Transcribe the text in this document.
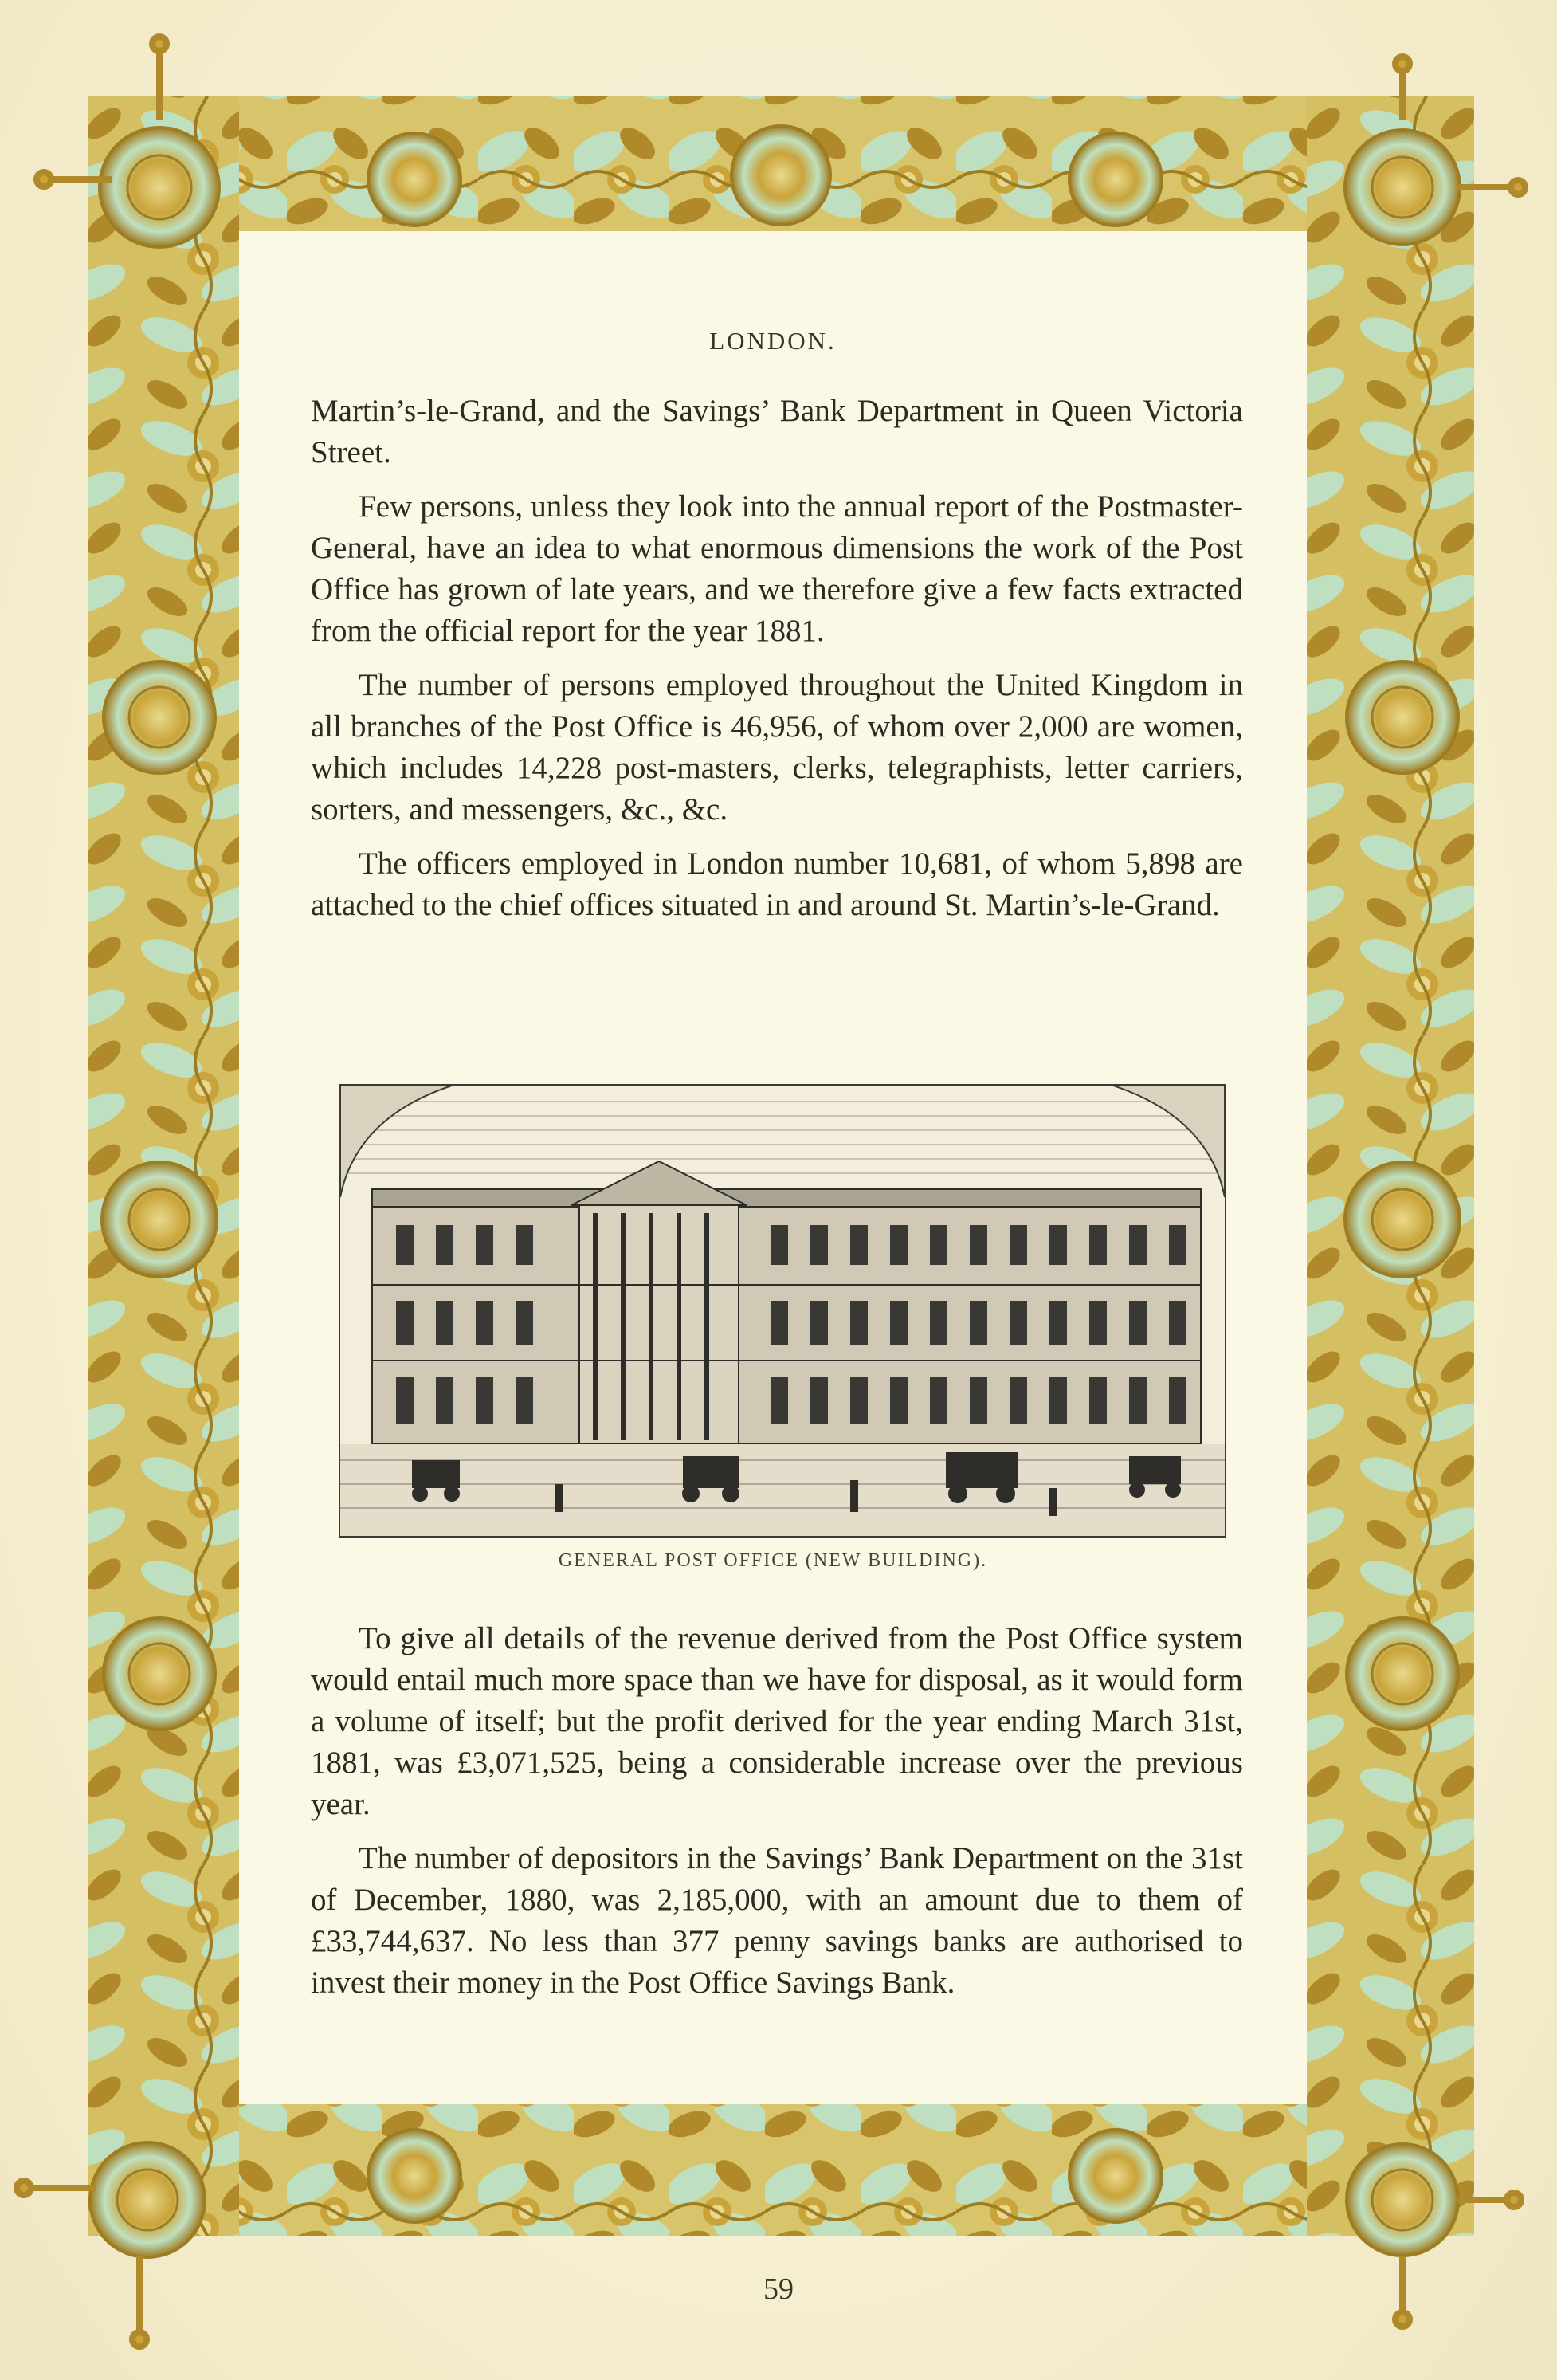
LONDON.

Martin’s-le-Grand, and the Savings’ Bank Department in Queen Victoria Street.

Few persons, unless they look into the annual report of the Postmaster-General, have an idea to what enormous dimensions the work of the Post Office has grown of late years, and we therefore give a few facts extracted from the official report for the year 1881.

The number of persons employed throughout the United Kingdom in all branches of the Post Office is 46,956, of whom over 2,000 are women, which includes 14,228 post-masters, clerks, telegraphists, letter carriers, sorters, and messengers, &c., &c.

The officers employed in London number 10,681, of whom 5,898 are attached to the chief offices situated in and around St. Martin’s-le-Grand.

GENERAL POST OFFICE (NEW BUILDING).

To give all details of the revenue derived from the Post Office system would entail much more space than we have for disposal, as it would form a volume of itself; but the profit derived for the year ending March 31st, 1881, was £3,071,525, being a considerable increase over the previous year.

The number of depositors in the Savings’ Bank Department on the 31st of December, 1880, was 2,185,000, with an amount due to them of £33,744,637. No less than 377 penny savings banks are authorised to invest their money in the Post Office Savings Bank.

59
